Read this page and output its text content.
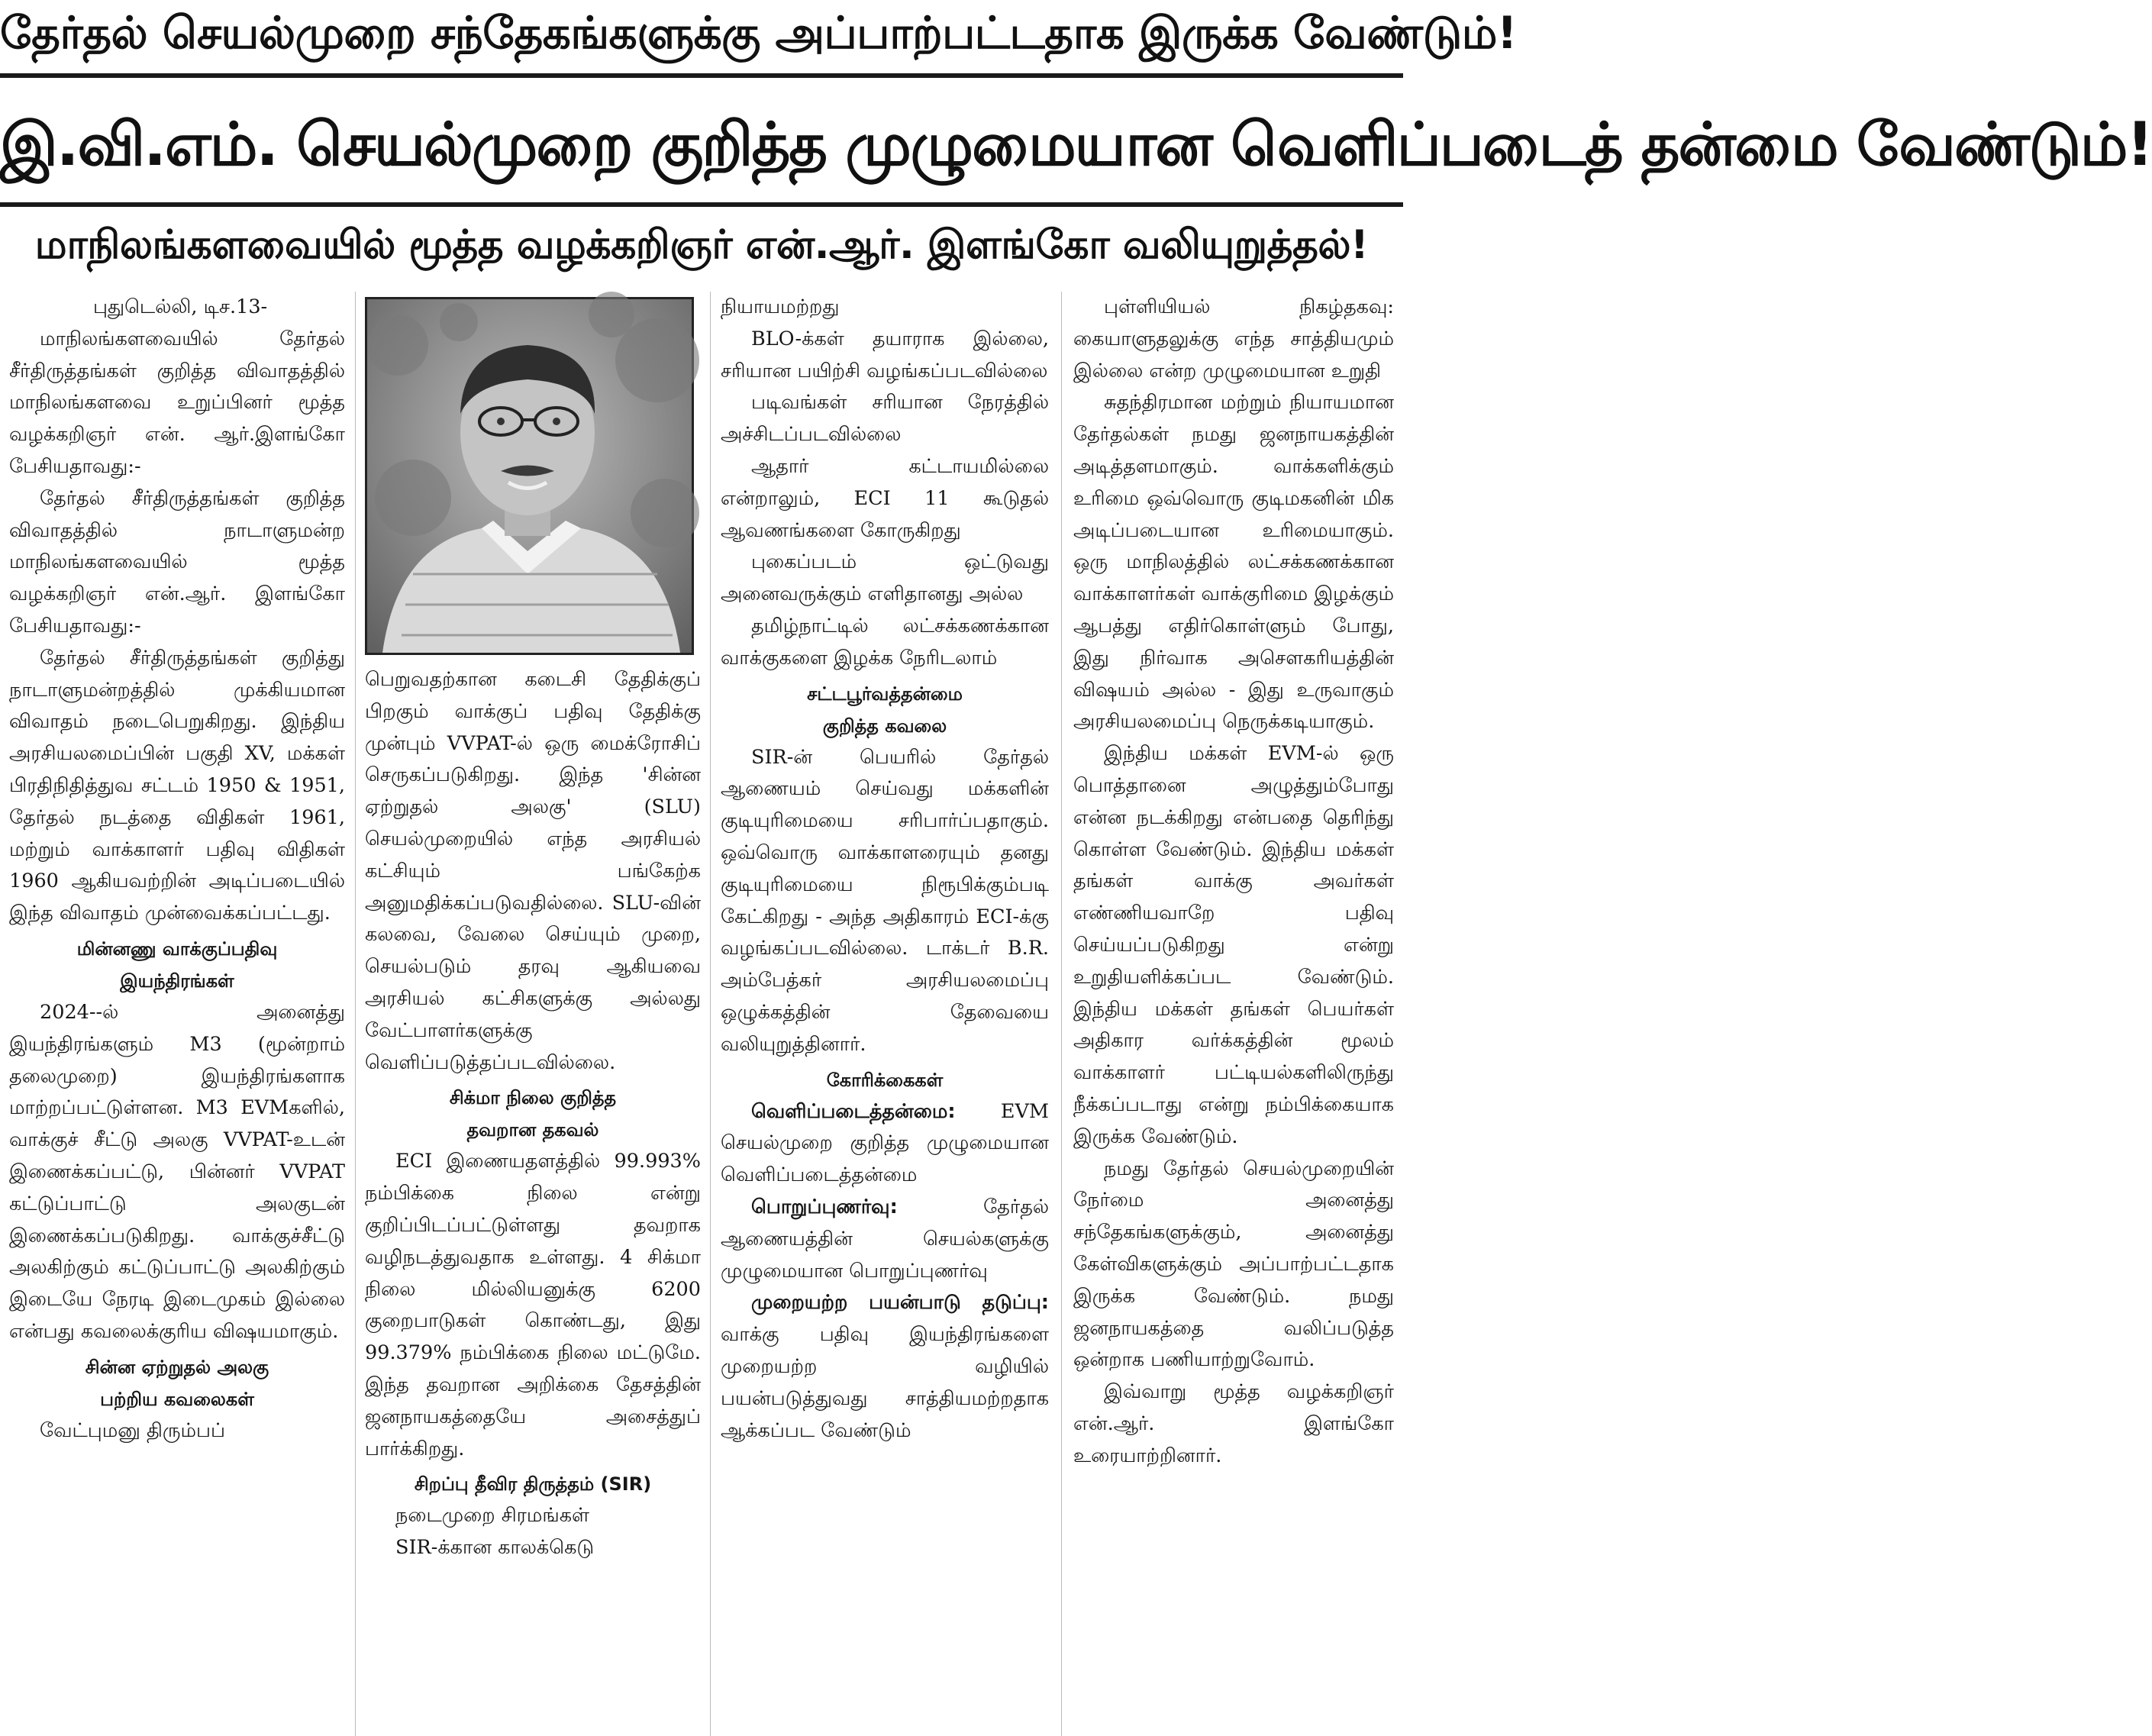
தேர்தல் செயல்முறை சந்தேகங்களுக்கு அப்பாற்பட்டதாக இருக்க வேண்டும்!
இ.வி.எம். செயல்முறை குறித்த முழுமையான வெளிப்படைத் தன்மை வேண்டும்!
மாநிலங்களவையில் மூத்த வழக்கறிஞர் என்.ஆர். இளங்கோ வலியுறுத்தல்!

புதுடெல்லி, டிச.13-

மாநிலங்களவையில் தேர்தல் சீர்திருத்தங்கள் குறித்த விவாதத்தில் மாநிலங்களவை உறுப்பினர் மூத்த வழக்கறிஞர் என். ஆர்.இளங்கோ பேசியதாவது:-

தேர்தல் சீர்திருத்தங்கள் குறித்த விவாதத்தில் நாடாளுமன்ற மாநிலங்களவையில் மூத்த வழக்கறிஞர் என்.ஆர். இளங்கோ பேசியதாவது:-

தேர்தல் சீர்திருத்தங்கள் குறித்து நாடாளுமன்றத்தில் முக்கியமான விவாதம் நடைபெறுகிறது. இந்திய அரசியலமைப்பின் பகுதி XV, மக்கள் பிரதிநிதித்துவ சட்டம் 1950 & 1951, தேர்தல் நடத்தை விதிகள் 1961, மற்றும் வாக்காளர் பதிவு விதிகள் 1960 ஆகியவற்றின் அடிப்படையில் இந்த விவாதம் முன்வைக்கப்பட்டது.

மின்னணு வாக்குப்பதிவு
இயந்திரங்கள்

2024--ல் அனைத்து இயந்திரங்களும் M3 (மூன்றாம் தலைமுறை) இயந்திரங்களாக மாற்றப்பட்டுள்ளன. M3 EVMகளில், வாக்குச் சீட்டு அலகு VVPAT-உடன் இணைக்கப்பட்டு, பின்னர் VVPAT கட்டுப்பாட்டு அலகுடன் இணைக்கப்படுகிறது. வாக்குச்சீட்டு அலகிற்கும் கட்டுப்பாட்டு அலகிற்கும் இடையே நேரடி இடைமுகம் இல்லை என்பது கவலைக்குரிய விஷயமாகும்.

சின்ன ஏற்றுதல் அலகு
பற்றிய கவலைகள்

வேட்புமனு திரும்பப்

பெறுவதற்கான கடைசி தேதிக்குப் பிறகும் வாக்குப் பதிவு தேதிக்கு முன்பும் VVPAT-ல் ஒரு மைக்ரோசிப் செருகப்படுகிறது. இந்த 'சின்ன ஏற்றுதல் அலகு' (SLU) செயல்முறையில் எந்த அரசியல் கட்சியும் பங்கேற்க அனுமதிக்கப்படுவதில்லை. SLU-வின் கலவை, வேலை செய்யும் முறை, செயல்படும் தரவு ஆகியவை அரசியல் கட்சிகளுக்கு அல்லது வேட்பாளர்களுக்கு வெளிப்படுத்தப்படவில்லை.

சிக்மா நிலை குறித்த
தவறான தகவல்

ECI இணையதளத்தில் 99.993% நம்பிக்கை நிலை என்று குறிப்பிடப்பட்டுள்ளது தவறாக வழிநடத்துவதாக உள்ளது. 4 சிக்மா நிலை மில்லியனுக்கு 6200 குறைபாடுகள் கொண்டது, இது 99.379% நம்பிக்கை நிலை மட்டுமே. இந்த தவறான அறிக்கை தேசத்தின் ஜனநாயகத்தையே அசைத்துப் பார்க்கிறது.

சிறப்பு தீவிர திருத்தம் (SIR)

நடைமுறை சிரமங்கள்

SIR-க்கான காலக்கெடு

நியாயமற்றது

BLO-க்கள் தயாராக இல்லை, சரியான பயிற்சி வழங்கப்படவில்லை

படிவங்கள் சரியான நேரத்தில் அச்சிடப்படவில்லை

ஆதார் கட்டாயமில்லை என்றாலும், ECI 11 கூடுதல் ஆவணங்களை கோருகிறது

புகைப்படம் ஒட்டுவது அனைவருக்கும் எளிதானது அல்ல

தமிழ்நாட்டில் லட்சக்கணக்கான வாக்குகளை இழக்க நேரிடலாம்

சட்டபூர்வத்தன்மை
குறித்த கவலை

SIR-ன் பெயரில் தேர்தல் ஆணையம் செய்வது மக்களின் குடியுரிமையை சரிபார்ப்பதாகும். ஒவ்வொரு வாக்காளரையும் தனது குடியுரிமையை நிரூபிக்கும்படி கேட்கிறது - அந்த அதிகாரம் ECI-க்கு வழங்கப்படவில்லை. டாக்டர் B.R. அம்பேத்கர் அரசியலமைப்பு ஒழுக்கத்தின் தேவையை வலியுறுத்தினார்.

கோரிக்கைகள்

வெளிப்படைத்தன்மை: EVM செயல்முறை குறித்த முழுமையான வெளிப்படைத்தன்மை

பொறுப்புணர்வு:	தேர்தல் ஆணையத்தின் செயல்களுக்கு முழுமையான பொறுப்புணர்வு

முறையற்ற பயன்பாடு தடுப்பு: வாக்கு பதிவு இயந்திரங்களை முறையற்ற வழியில் பயன்படுத்துவது சாத்தியமற்றதாக ஆக்கப்பட வேண்டும்

புள்ளியியல் நிகழ்தகவு: கையாளுதலுக்கு எந்த சாத்தியமும் இல்லை என்ற முழுமையான உறுதி

சுதந்திரமான மற்றும் நியாயமான தேர்தல்கள் நமது ஜனநாயகத்தின் அடித்தளமாகும். வாக்களிக்கும் உரிமை ஒவ்வொரு குடிமகனின் மிக அடிப்படையான உரிமையாகும். ஒரு மாநிலத்தில் லட்சக்கணக்கான வாக்காளர்கள் வாக்குரிமை இழக்கும் ஆபத்து எதிர்கொள்ளும் போது, இது நிர்வாக அசௌகரியத்தின் விஷயம் அல்ல - இது உருவாகும் அரசியலமைப்பு நெருக்கடியாகும்.

இந்திய மக்கள் EVM-ல் ஒரு பொத்தானை அழுத்தும்போது என்ன நடக்கிறது என்பதை தெரிந்து கொள்ள வேண்டும். இந்திய மக்கள் தங்கள் வாக்கு அவர்கள் எண்ணியவாறே பதிவு செய்யப்படுகிறது என்று உறுதியளிக்கப்பட வேண்டும். இந்திய மக்கள் தங்கள் பெயர்கள் அதிகார வர்க்கத்தின் மூலம் வாக்காளர் பட்டியல்களிலிருந்து நீக்கப்படாது என்று நம்பிக்கையாக இருக்க வேண்டும்.

நமது தேர்தல் செயல்முறையின் நேர்மை அனைத்து சந்தேகங்களுக்கும், அனைத்து கேள்விகளுக்கும் அப்பாற்பட்டதாக இருக்க வேண்டும். நமது ஜனநாயகத்தை வலிப்படுத்த ஒன்றாக பணியாற்றுவோம்.

இவ்வாறு மூத்த வழக்கறிஞர் என்.ஆர். இளங்கோ உரையாற்றினார்.
